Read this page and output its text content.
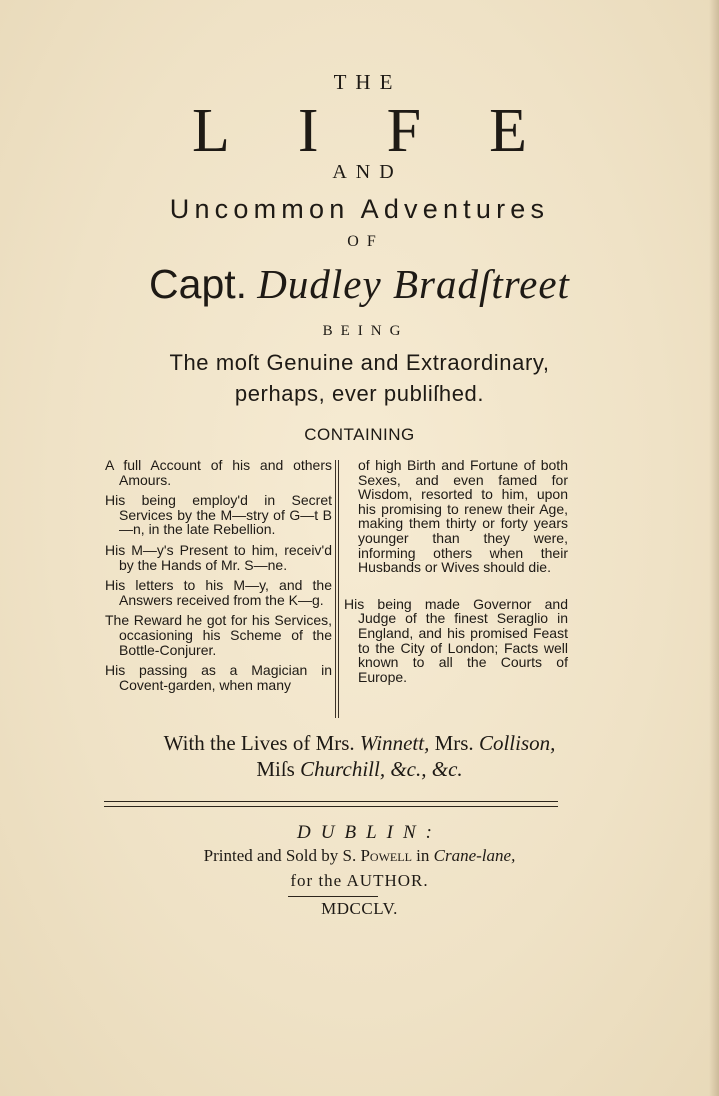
THE
L I F E
AND
Uncommon Adventures
OF
Capt. Dudley Bradſtreet
BEING
The moſt Genuine and Extraordinary,
perhaps, ever publiſhed.
CONTAINING

A full Account of his and others Amours.

His being employ'd in Secret Services by the M—stry of G—t B—n, in the late Rebellion.

His M—y's Present to him, receiv'd by the Hands of Mr. S—ne.

His letters to his M—y, and the Answers received from the K—g.

The Reward he got for his Services, occasioning his Scheme of the Bottle-Conjurer.

His passing as a Magician in Covent-garden, when many

of high Birth and Fortune of both Sexes, and even famed for Wisdom, resorted to him, upon his promising to renew their Age, making them thirty or forty years younger than they were, informing others when their Husbands or Wives should die.

His being made Governor and Judge of the finest Seraglio in England, and his promised Feast to the City of London; Facts well known to all the Courts of Europe.

With the Lives of Mrs. Winnett, Mrs. Collison,
Miſs Churchill, &c., &c.
DUBLIN:
Printed and Sold by S. Powell in Crane-lane,
for the AUTHOR.
MDCCLV.
